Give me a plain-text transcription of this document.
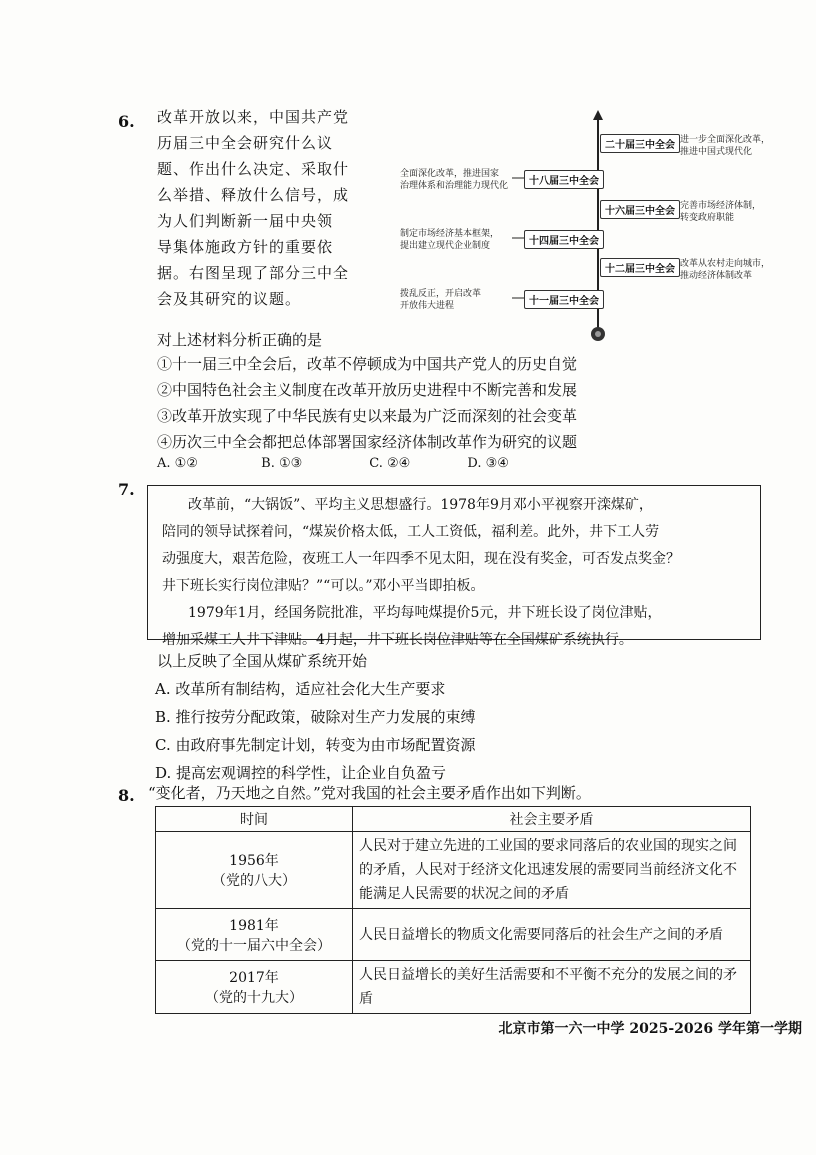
6. 改革开放以来，中国共产党
历届三中全会研究什么议
题、作出什么决定、采取什
么举措、释放什么信号，成
为人们判断新一届中央领
导集体施政方针的重要依
据。右图呈现了部分三中全
会及其研究的议题。
二十届三中全会
十八届三中全会
十六届三中全会
十四届三中全会
十二届三中全会
十一届三中全会
进一步全面深化改革，
推进中国式现代化
完善市场经济体制，
转变政府职能
改革从农村走向城市，
推动经济体制改革
全面深化改革，推进国家
治理体系和治理能力现代化
制定市场经济基本框架，
提出建立现代企业制度
拨乱反正，开启改革
开放伟大进程
对上述材料分析正确的是
①十一届三中全会后，改革不停顿成为中国共产党人的历史自觉
②中国特色社会主义制度在改革开放历史进程中不断完善和发展
③改革开放实现了中华民族有史以来最为广泛而深刻的社会变革
④历次三中全会都把总体部署国家经济体制改革作为研究的议题
A. ①②	B. ①③	C. ②④	D. ③④
7.
改革前，“大锅饭”、平均主义思想盛行。1978年9月邓小平视察开滦煤矿，
陪同的领导试探着问，“煤炭价格太低，工人工资低，福利差。此外，井下工人劳
动强度大，艰苦危险，夜班工人一年四季不见太阳，现在没有奖金，可否发点奖金？
井下班长实行岗位津贴？”“可以。”邓小平当即拍板。
1979年1月，经国务院批准，平均每吨煤提价5元，井下班长设了岗位津贴，
增加采煤工人井下津贴。4月起，井下班长岗位津贴等在全国煤矿系统执行。
以上反映了全国从煤矿系统开始
A. 改革所有制结构，适应社会化大生产要求
B. 推行按劳分配政策，破除对生产力发展的束缚
C. 由政府事先制定计划，转变为由市场配置资源
D. 提高宏观调控的科学性，让企业自负盈亏
8. “变化者，乃天地之自然。”党对我国的社会主要矛盾作出如下判断。
时间	社会主要矛盾

1956年
（党的八大）	人民对于建立先进的工业国的要求同落后的农业国的现实之间的矛盾，人民对于经济文化迅速发展的需要同当前经济文化不能满足人民需要的状况之间的矛盾

1981年
（党的十一届六中全会）	人民日益增长的物质文化需要同落后的社会生产之间的矛盾

2017年
（党的十九大）	人民日益增长的美好生活需要和不平衡不充分的发展之间的矛盾
北京市第一六一中学 2025-2026 学年第一学期
